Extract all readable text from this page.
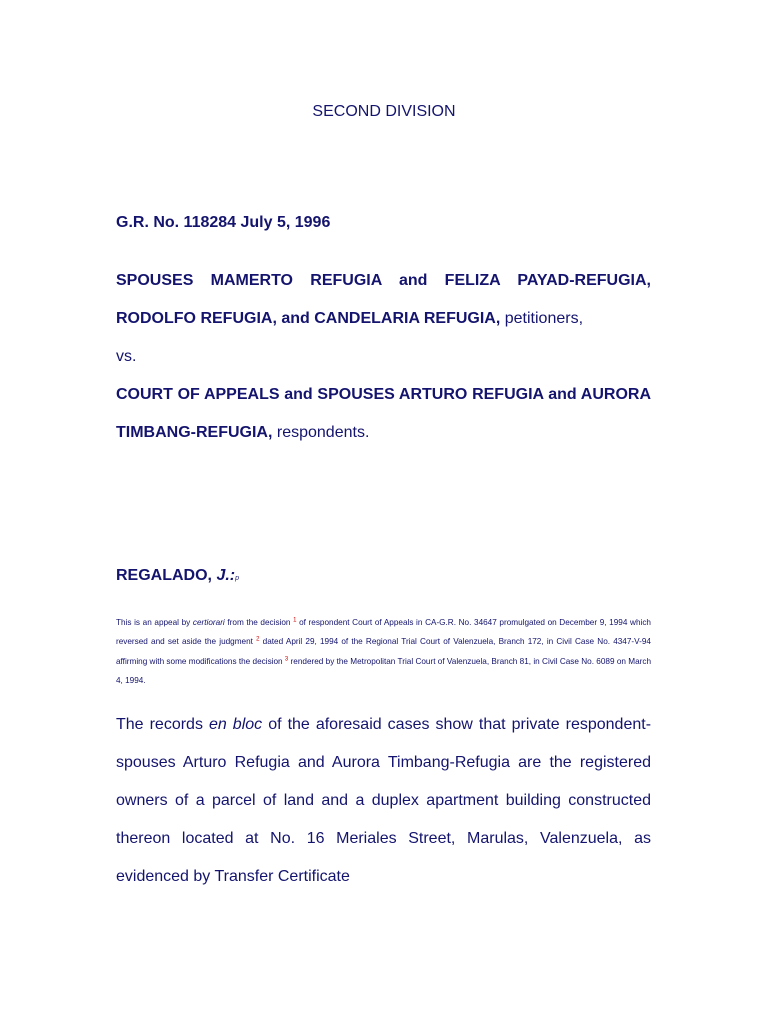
SECOND DIVISION
G.R. No. 118284 July 5, 1996

SPOUSES MAMERTO REFUGIA and FELIZA PAYAD-REFUGIA, RODOLFO REFUGIA, and CANDELARIA REFUGIA, petitioners,

vs.

COURT OF APPEALS and SPOUSES ARTURO REFUGIA and AURORA TIMBANG-REFUGIA, respondents.

REGALADO, J.:p
This is an appeal by certiorari from the decision $^1$ of respondent Court of Appeals in CA-G.R. No. 34647 promulgated on December 9, 1994 which reversed and set aside the judgment $^2$ dated April 29, 1994 of the Regional Trial Court of Valenzuela, Branch 172, in Civil Case No. 4347-V-94 affirming with some modifications the decision $^3$ rendered by the Metropolitan Trial Court of Valenzuela, Branch 81, in Civil Case No. 6089 on March 4, 1994.
The records en bloc of the aforesaid cases show that private respondent-spouses Arturo Refugia and Aurora Timbang-Refugia are the registered owners of a parcel of land and a duplex apartment building constructed thereon located at No. 16 Meriales Street, Marulas, Valenzuela, as evidenced by Transfer Certificate
